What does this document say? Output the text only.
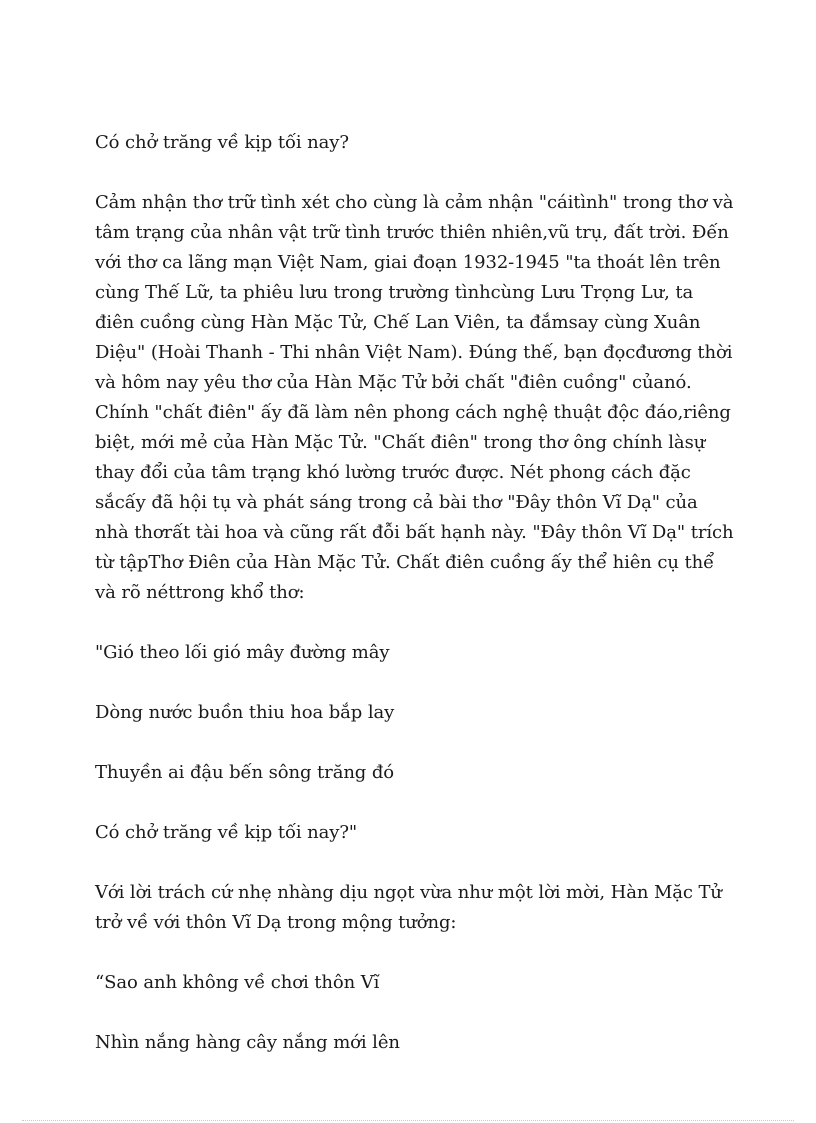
Có chở trăng về kịp tối nay?

Cảm nhận thơ trữ tình xét cho cùng là cảm nhận "cáitình" trong thơ và tâm trạng của nhân vật trữ tình trước thiên nhiên,vũ trụ, đất trời. Đến với thơ ca lãng mạn Việt Nam, giai đoạn 1932-1945 "ta thoát lên trên cùng Thế Lữ, ta phiêu lưu trong trường tìnhcùng Lưu Trọng Lư, ta điên cuồng cùng Hàn Mặc Tử, Chế Lan Viên, ta đắmsay cùng Xuân Diệu" (Hoài Thanh - Thi nhân Việt Nam). Đúng thế, bạn đọcđương thời và hôm nay yêu thơ của Hàn Mặc Tử bởi chất "điên cuồng" củanó. Chính "chất điên" ấy đã làm nên phong cách nghệ thuật độc đáo,riêng biệt, mới mẻ của Hàn Mặc Tử. "Chất điên" trong thơ ông chính làsự thay đổi của tâm trạng khó lường trước được. Nét phong cách đặc sắcấy đã hội tụ và phát sáng trong cả bài thơ "Đây thôn Vĩ Dạ" của nhà thơrất tài hoa và cũng rất đỗi bất hạnh này. "Đây thôn Vĩ Dạ" trích từ tậpThơ Điên của Hàn Mặc Tử. Chất điên cuồng ấy thể hiên cụ thể và rõ néttrong khổ thơ:

"Gió theo lối gió mây đường mây

Dòng nước buồn thiu hoa bắp lay

Thuyền ai đậu bến sông trăng đó

Có chở trăng về kịp tối nay?"

Với lời trách cứ nhẹ nhàng dịu ngọt vừa như một lời mời, Hàn Mặc Tử trở về với thôn Vĩ Dạ trong mộng tưởng:

“Sao anh không về chơi thôn Vĩ

Nhìn nắng hàng cây nắng mới lên
